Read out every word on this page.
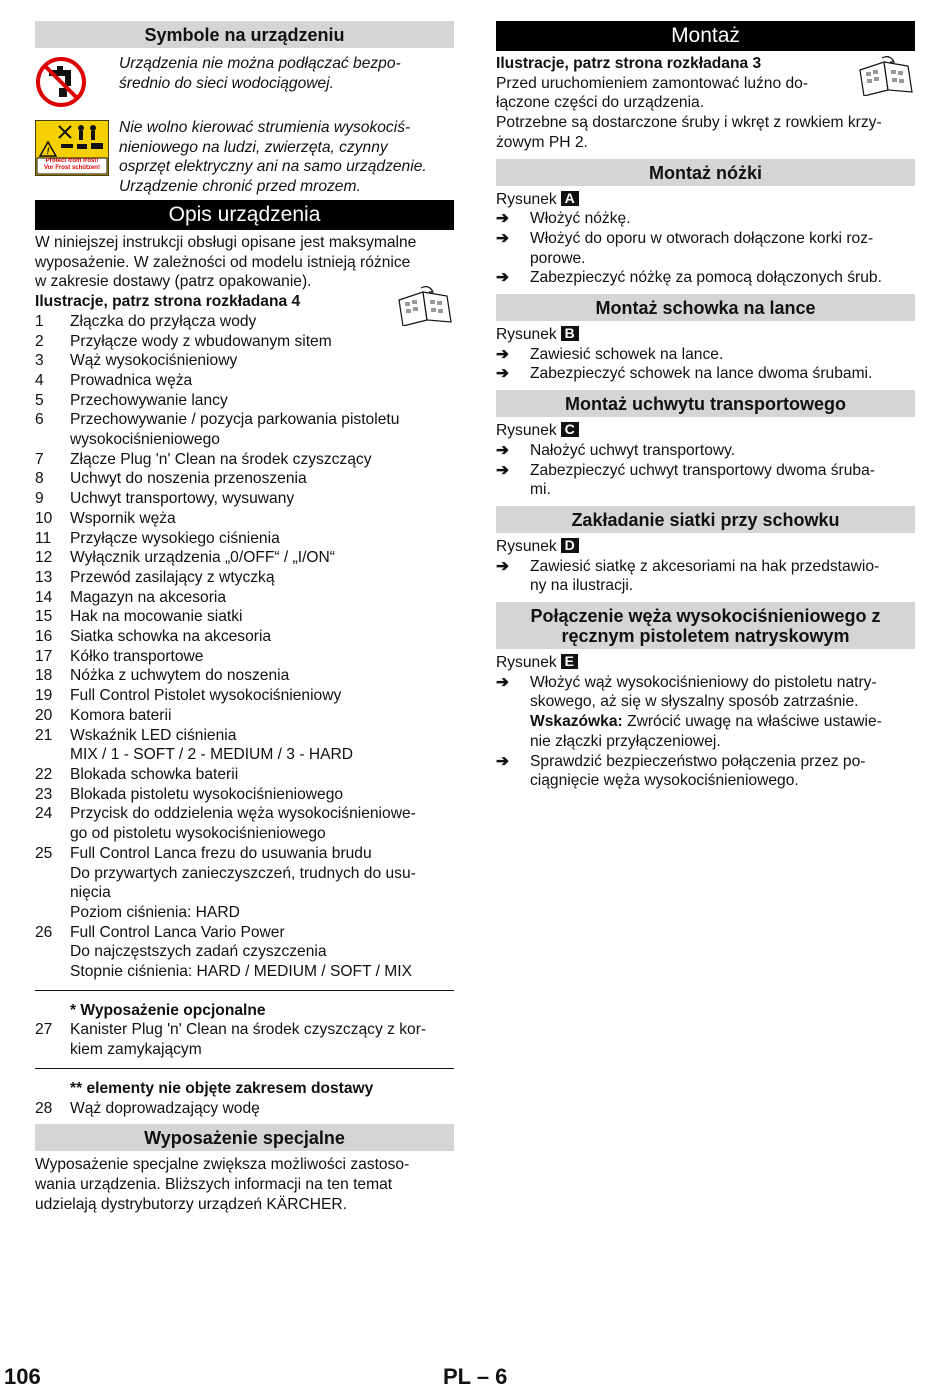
Symbole na urządzeniu
Urządzenia nie można podłączać bezpo-
średnio do sieci wodociągowej.
!
Protect from frost!
Vor Frost schützen!
Nie wolno kierować strumienia wysokociś-
nieniowego na ludzi, zwierzęta, czynny
osprzęt elektryczny ani na samo urządzenie.
Urządzenie chronić przed mrozem.
Opis urządzenia
W niniejszej instrukcji obsługi opisane jest maksymalne
wyposażenie. W zależności od modelu istnieją różnice
w zakresie dostawy (patrz opakowanie).
Ilustracje, patrz strona rozkładana 4
1	Złączka do przyłącza wody
2	Przyłącze wody z wbudowanym sitem
3	Wąż wysokociśnieniowy
4	Prowadnica węża
5	Przechowywanie lancy
6	Przechowywanie / pozycja parkowania pistoletu
wysokociśnieniowego
7	Złącze Plug 'n' Clean na środek czyszczący
8	Uchwyt do noszenia przenoszenia
9	Uchwyt transportowy, wysuwany
10	Wspornik węża
11	Przyłącze wysokiego ciśnienia
12	Wyłącznik urządzenia „0/OFF“ / „I/ON“
13	Przewód zasilający z wtyczką
14	Magazyn na akcesoria
15	Hak na mocowanie siatki
16	Siatka schowka na akcesoria
17	Kółko transportowe
18	Nóżka z uchwytem do noszenia
19	Full Control Pistolet wysokociśnieniowy
20	Komora baterii
21	Wskaźnik LED ciśnienia
MIX / 1 - SOFT / 2 - MEDIUM / 3 - HARD
22	Blokada schowka baterii
23	Blokada pistoletu wysokociśnieniowego
24	Przycisk do oddzielenia węża wysokociśnieniowe-
go od pistoletu wysokociśnieniowego
25	Full Control Lanca frezu do usuwania brudu
Do przywartych zanieczyszczeń, trudnych do usu-
nięcia
Poziom ciśnienia: HARD
26	Full Control Lanca Vario Power
Do najczęstszych zadań czyszczenia
Stopnie ciśnienia: HARD / MEDIUM / SOFT / MIX
* Wyposażenie opcjonalne
27	Kanister Plug 'n' Clean na środek czyszczący z kor-
kiem zamykającym
** elementy nie objęte zakresem dostawy
28	Wąż doprowadzający wodę
Wyposażenie specjalne
Wyposażenie specjalne zwiększa możliwości zastoso-
wania urządzenia. Bliższych informacji na ten temat
udzielają dystrybutorzy urządzeń KÄRCHER.
Montaż
Ilustracje, patrz strona rozkładana 3
Przed uruchomieniem zamontować luźno do-
łączone części do urządzenia.
Potrzebne są dostarczone śruby i wkręt z rowkiem krzy-
żowym PH 2.
Montaż nóżki
Rysunek A
➔	Włożyć nóżkę.
➔	Włożyć do oporu w otworach dołączone korki roz-
porowe.
➔	Zabezpieczyć nóżkę za pomocą dołączonych śrub.
Montaż schowka na lance
Rysunek B
➔	Zawiesić schowek na lance.
➔	Zabezpieczyć schowek na lance dwoma śrubami.
Montaż uchwytu transportowego
Rysunek C
➔	Nałożyć uchwyt transportowy.
➔	Zabezpieczyć uchwyt transportowy dwoma śruba-
mi.
Zakładanie siatki przy schowku
Rysunek D
➔	Zawiesić siatkę z akcesoriami na hak przedstawio-
ny na ilustracji.
Połączenie węża wysokociśnieniowego z
ręcznym pistoletem natryskowym
Rysunek E
➔	Włożyć wąż wysokociśnieniowy do pistoletu natry-
skowego, aż się w słyszalny sposób zatrzaśnie.
Wskazówka: Zwrócić uwagę na właściwe ustawie-
nie złączki przyłączeniowej.
➔	Sprawdzić bezpieczeństwo połączenia przez po-
ciągnięcie węża wysokociśnieniowego.
106	PL – 6
